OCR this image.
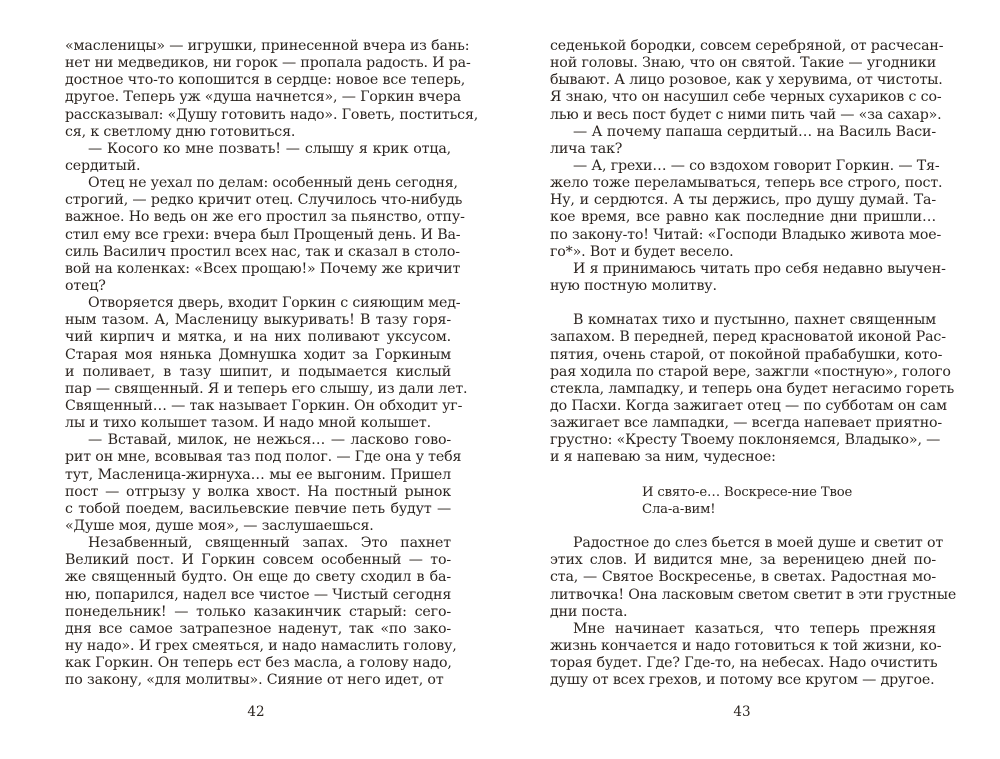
«масленицы» — игрушки, принесенной вчера из бань:
нет ни медведиков, ни горок — пропала радость. И ра-
достное что-то копошится в сердце: новое все теперь,
другое. Теперь уж «душа начнется», — Горкин вчера
рассказывал: «Душу готовить надо». Говеть, поститься,
ся, к светлому дню готовиться.
— Косого ко мне позвать! — слышу я крик отца,
сердитый.
Отец не уехал по делам: особенный день сегодня,
строгий, — редко кричит отец. Случилось что-нибудь
важное. Но ведь он же его простил за пьянство, отпу-
стил ему все грехи: вчера был Прощеный день. И Ва-
силь Василич простил всех нас, так и сказал в столо-
вой на коленках: «Всех прощаю!» Почему же кричит
отец?
Отворяется дверь, входит Горкин с сияющим мед-
ным тазом. А, Масленицу выкуривать! В тазу горя-
чий кирпич и мятка, и на них поливают уксусом.
Старая моя нянька Домнушка ходит за Горкиным
и поливает, в тазу шипит, и подымается кислый
пар — священный. Я и теперь его слышу, из дали лет.
Священный… — так называет Горкин. Он обходит уг-
лы и тихо колышет тазом. И надо мной колышет.
— Вставай, милок, не нежься… — ласково гово-
рит он мне, всовывая таз под полог. — Где она у тебя
тут, Масленица-жирнуха… мы ее выгоним. Пришел
пост — отгрызу у волка хвост. На постный рынок
с тобой поедем, васильевские певчие петь будут —
«Душе моя, душе моя», — заслушаешься.
Незабвенный, священный запах. Это пахнет
Великий пост. И Горкин совсем особенный — то-
же священный будто. Он еще до свету сходил в ба-
ню, попарился, надел все чистое — Чистый сегодня
понедельник! — только казакинчик старый: сего-
дня все самое затрапезное наденут, так «по зако-
ну надо». И грех смеяться, и надо намаслить голову,
как Горкин. Он теперь ест без масла, а голову надо,
по закону, «для молитвы». Сияние от него идет, от
42
седенькой бородки, совсем серебряной, от расчесан-
ной головы. Знаю, что он святой. Такие — угодники
бывают. А лицо розовое, как у херувима, от чистоты.
Я знаю, что он насушил себе черных сухариков с со-
лью и весь пост будет с ними пить чай — «за сахар».
— А почему папаша сердитый… на Василь Васи-
лича так?
— А, грехи… — со вздохом говорит Горкин. — Тя-
жело тоже переламываться, теперь все строго, пост.
Ну, и сердются. А ты держись, про душу думай. Та-
кое время, все равно как последние дни пришли…
по закону-то! Читай: «Господи Владыко живота мое-
го*». Вот и будет весело.
И я принимаюсь читать про себя недавно выучен-
ную постную молитву.
В комнатах тихо и пустынно, пахнет священным
запахом. В передней, перед красноватой иконой Рас-
пятия, очень старой, от покойной прабабушки, кото-
рая ходила по старой вере, зажгли «постную», голого
стекла, лампадку, и теперь она будет негасимо гореть
до Пасхи. Когда зажигает отец — по субботам он сам
зажигает все лампадки, — всегда напевает приятно-
грустно: «Кресту Твоему поклоняемся, Владыко», —
и я напеваю за ним, чудесное:
И свято-е… Воскресе-ние Твое
Сла-а-вим!
Радостное до слез бьется в моей душе и светит от
этих слов. И видится мне, за вереницею дней по-
ста, — Святое Воскресенье, в светах. Радостная мо-
литвочка! Она ласковым светом светит в эти грустные
дни поста.
Мне начинает казаться, что теперь прежняя
жизнь кончается и надо готовиться к той жизни, ко-
торая будет. Где? Где-то, на небесах. Надо очистить
душу от всех грехов, и потому все кругом — другое.
43
